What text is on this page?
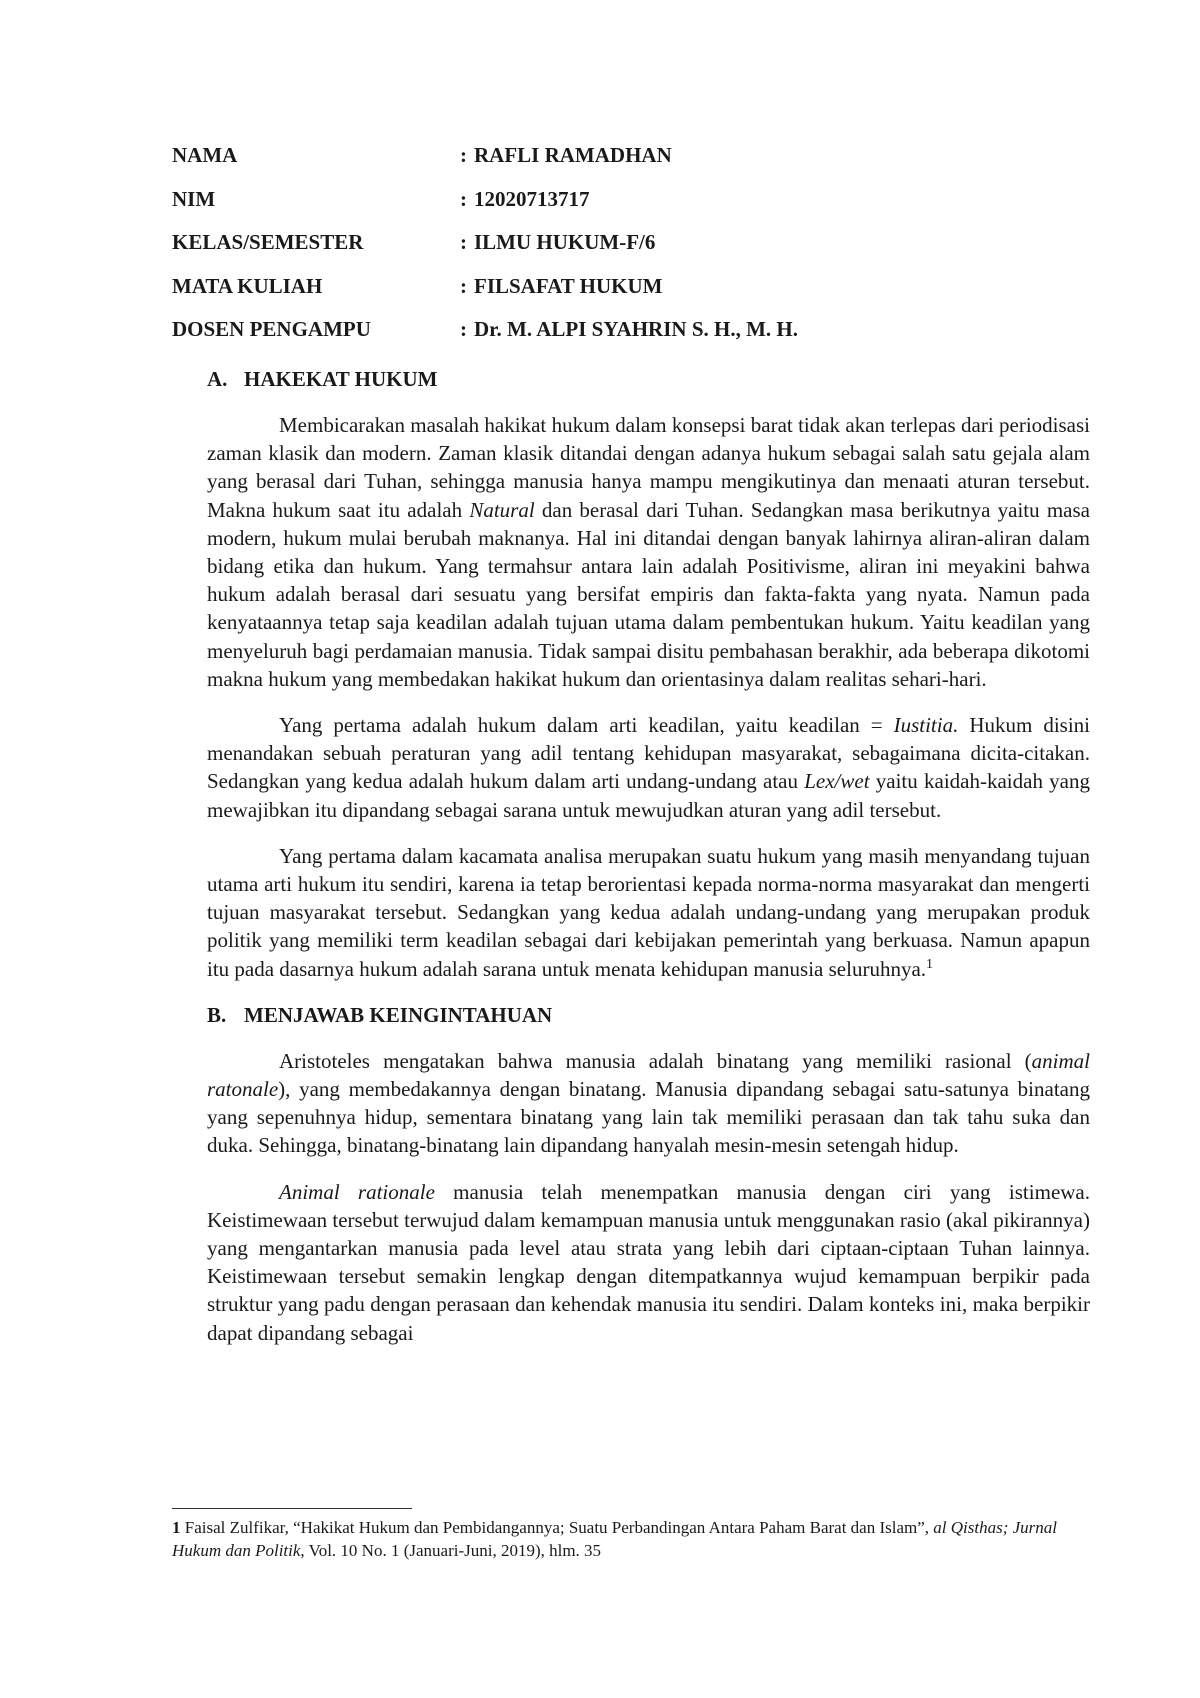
NAMA	: RAFLI RAMADHAN
NIM	: 12020713717
KELAS/SEMESTER	: ILMU HUKUM-F/6
MATA KULIAH	: FILSAFAT HUKUM
DOSEN PENGAMPU	: Dr. M. ALPI SYAHRIN S. H., M. H.
A. HAKEKAT HUKUM

Membicarakan masalah hakikat hukum dalam konsepsi barat tidak akan terlepas dari periodisasi zaman klasik dan modern. Zaman klasik ditandai dengan adanya hukum sebagai salah satu gejala alam yang berasal dari Tuhan, sehingga manusia hanya mampu mengikutinya dan menaati aturan tersebut. Makna hukum saat itu adalah Natural dan berasal dari Tuhan. Sedangkan masa berikutnya yaitu masa modern, hukum mulai berubah maknanya. Hal ini ditandai dengan banyak lahirnya aliran-aliran dalam bidang etika dan hukum. Yang termahsur antara lain adalah Positivisme, aliran ini meyakini bahwa hukum adalah berasal dari sesuatu yang bersifat empiris dan fakta-fakta yang nyata. Namun pada kenyataannya tetap saja keadilan adalah tujuan utama dalam pembentukan hukum. Yaitu keadilan yang menyeluruh bagi perdamaian manusia. Tidak sampai disitu pembahasan berakhir, ada beberapa dikotomi makna hukum yang membedakan hakikat hukum dan orientasinya dalam realitas sehari-hari.

Yang pertama adalah hukum dalam arti keadilan, yaitu keadilan = Iustitia. Hukum disini menandakan sebuah peraturan yang adil tentang kehidupan masyarakat, sebagaimana dicita-citakan. Sedangkan yang kedua adalah hukum dalam arti undang-undang atau Lex/wet yaitu kaidah-kaidah yang mewajibkan itu dipandang sebagai sarana untuk mewujudkan aturan yang adil tersebut.

Yang pertama dalam kacamata analisa merupakan suatu hukum yang masih menyandang tujuan utama arti hukum itu sendiri, karena ia tetap berorientasi kepada norma-norma masyarakat dan mengerti tujuan masyarakat tersebut. Sedangkan yang kedua adalah undang-undang yang merupakan produk politik yang memiliki term keadilan sebagai dari kebijakan pemerintah yang berkuasa. Namun apapun itu pada dasarnya hukum adalah sarana untuk menata kehidupan manusia seluruhnya.$^1$

B. MENJAWAB KEINGINTAHUAN

Aristoteles mengatakan bahwa manusia adalah binatang yang memiliki rasional (animal ratonale), yang membedakannya dengan binatang. Manusia dipandang sebagai satu-satunya binatang yang sepenuhnya hidup, sementara binatang yang lain tak memiliki perasaan dan tak tahu suka dan duka. Sehingga, binatang-binatang lain dipandang hanyalah mesin-mesin setengah hidup.

Animal rationale manusia telah menempatkan manusia dengan ciri yang istimewa. Keistimewaan tersebut terwujud dalam kemampuan manusia untuk menggunakan rasio (akal pikirannya) yang mengantarkan manusia pada level atau strata yang lebih dari ciptaan-ciptaan Tuhan lainnya. Keistimewaan tersebut semakin lengkap dengan ditempatkannya wujud kemampuan berpikir pada struktur yang padu dengan perasaan dan kehendak manusia itu sendiri. Dalam konteks ini, maka berpikir dapat dipandang sebagai

1 Faisal Zulfikar, “Hakikat Hukum dan Pembidangannya; Suatu Perbandingan Antara Paham Barat dan Islam”, al Qisthas; Jurnal Hukum dan Politik, Vol. 10 No. 1 (Januari-Juni, 2019), hlm. 35
